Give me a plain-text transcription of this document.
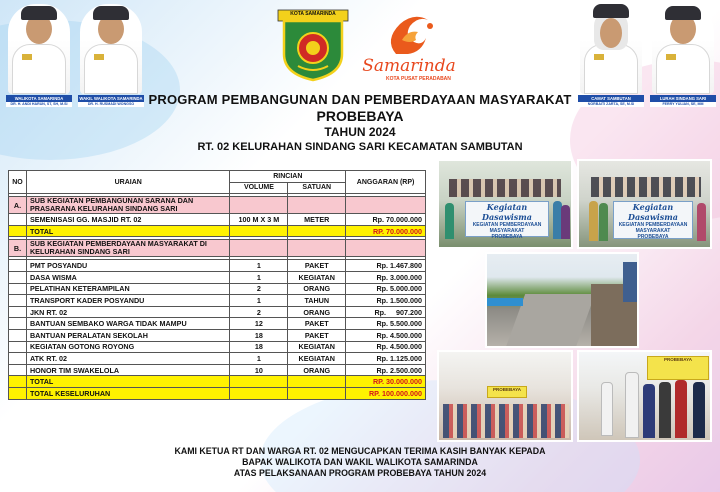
WALIKOTA SAMARINDA
DR. H. ANDI HARUN, ST, SH, M.SI
WAKIL WALIKOTA SAMARINDA
DR. H. RUSMADI WONGSO
CAMAT SAMBUTAN
NORBAITI ZARTA, SE, M.SI
LURAH SINDANG SARI
FERRY YULIAN, SE, MM
KOTA SAMARINDA
Samarinda
KOTA PUSAT PERADABAN
PROGRAM PEMBANGUNAN DAN PEMBERDAYAAN MASYARAKAT
PROBEBAYA
TAHUN 2024
RT. 02 KELURAHAN SINDANG SARI KECAMATAN SAMBUTAN
NO	URAIAN	RINCIAN		ANGGARAN (RP)
		VOLUME	SATUAN	

A.	SUB KEGIATAN PEMBANGUNAN SARANA DAN PRASARANA KELURAHAN SINDANG SARI			
	SEMENISASI GG. MASJID RT. 02	100 M X 3 M	METER	Rp. 70.000.000
	TOTAL			RP. 70.000.000

B.	SUB KEGIATAN PEMBERDAYAAN MASYARAKAT DI KELURAHAN SINDANG SARI			

	PMT POSYANDU	1	PAKET	Rp. 1.467.800
	DASA WISMA	1	KEGIATAN	Rp. 3.000.000
	PELATIHAN KETERAMPILAN	2	ORANG	Rp. 5.000.000
	TRANSPORT KADER POSYANDU	1	TAHUN	Rp. 1.500.000
	JKN RT. 02	2	ORANG	Rp.     907.200
	BANTUAN SEMBAKO WARGA TIDAK MAMPU	12	PAKET	Rp. 5.500.000
	BANTUAN PERALATAN SEKOLAH	18	PAKET	Rp. 4.500.000
	KEGIATAN GOTONG ROYONG	18	KEGIATAN	Rp. 4.500.000
	ATK RT. 02	1	KEGIATAN	Rp. 1.125.000
	HONOR TIM SWAKELOLA	10	ORANG	Rp. 2.500.000
	TOTAL			RP. 30.000.000
	TOTAL KESELURUHAN			RP. 100.000.000
Kegiatan Dasawisma
KEGIATAN PEMBERDAYAAN MASYARAKAT
PROBEBAYA
Kegiatan Dasawisma
KEGIATAN PEMBERDAYAAN MASYARAKAT
PROBEBAYA
PROBEBAYA
PROBEBAYA
KAMI KETUA RT DAN WARGA RT. 02 MENGUCAPKAN TERIMA KASIH BANYAK KEPADA
BAPAK WALIKOTA DAN WAKIL WALIKOTA SAMARINDA
ATAS PELAKSANAAN PROGRAM PROBEBAYA TAHUN 2024
